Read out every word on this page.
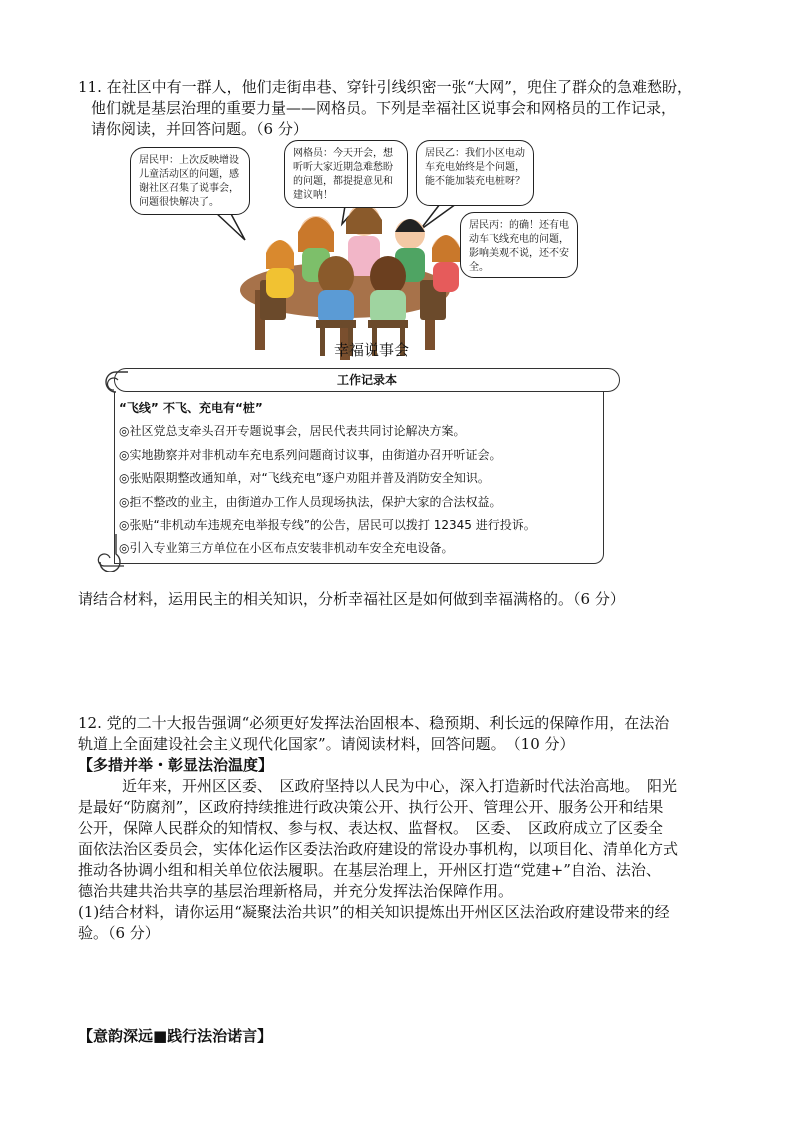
11. 在社区中有一群人，他们走街串巷、穿针引线织密一张“大网”，兜住了群众的急难愁盼，
他们就是基层治理的重要力量——网格员。下列是幸福社区说事会和网格员的工作记录，
请你阅读，并回答问题。（6 分）
居民甲：上次反映增设儿童活动区的问题，感谢社区召集了说事会，问题很快解决了。
网格员：今天开会，想听听大家近期急难愁盼的问题，都提提意见和建议呐！
居民乙：我们小区电动车充电始终是个问题，能不能加装充电桩呀？
居民丙：的确！还有电动车飞线充电的问题，影响美观不说，还不安全。
幸福说事会
工作记录本
“飞线” 不飞、充电有“桩”
◎社区党总支牵头召开专题说事会，居民代表共同讨论解决方案。
◎实地勘察并对非机动车充电系列问题商讨议事，由街道办召开听证会。
◎张贴限期整改通知单，对“飞线充电”逐户劝阻并普及消防安全知识。
◎拒不整改的业主，由街道办工作人员现场执法，保护大家的合法权益。
◎张贴“非机动车违规充电举报专线”的公告，居民可以拨打 12345 进行投诉。
◎引入专业第三方单位在小区布点安装非机动车安全充电设备。
请结合材料，运用民主的相关知识，分析幸福社区是如何做到幸福满格的。（6 分）
12. 党的二十大报告强调“必须更好发挥法治固根本、稳预期、利长远的保障作用，在法治
轨道上全面建设社会主义现代化国家”。请阅读材料，回答问题。　（10 分）
【多措并举・彰显法治温度】
近年来，开州区区委、　区政府坚持以人民为中心，深入打造新时代法治高地。　阳光
是最好“防腐剂”，区政府持续推进行政决策公开、执行公开、管理公开、服务公开和结果
公开，保障人民群众的知情权、参与权、表达权、监督权。　区委、　区政府成立了区委全
面依法治区委员会，实体化运作区委法治政府建设的常设办事机构，以项目化、清单化方式
推动各协调小组和相关单位依法履职。在基层治理上，开州区打造“党建+”自治、法治、
德治共建共治共享的基层治理新格局，并充分发挥法治保障作用。
(1)结合材料，请你运用“凝聚法治共识”的相关知识提炼出开州区区法治政府建设带来的经
验。（6 分）
【意韵深远■践行法治诺言】
